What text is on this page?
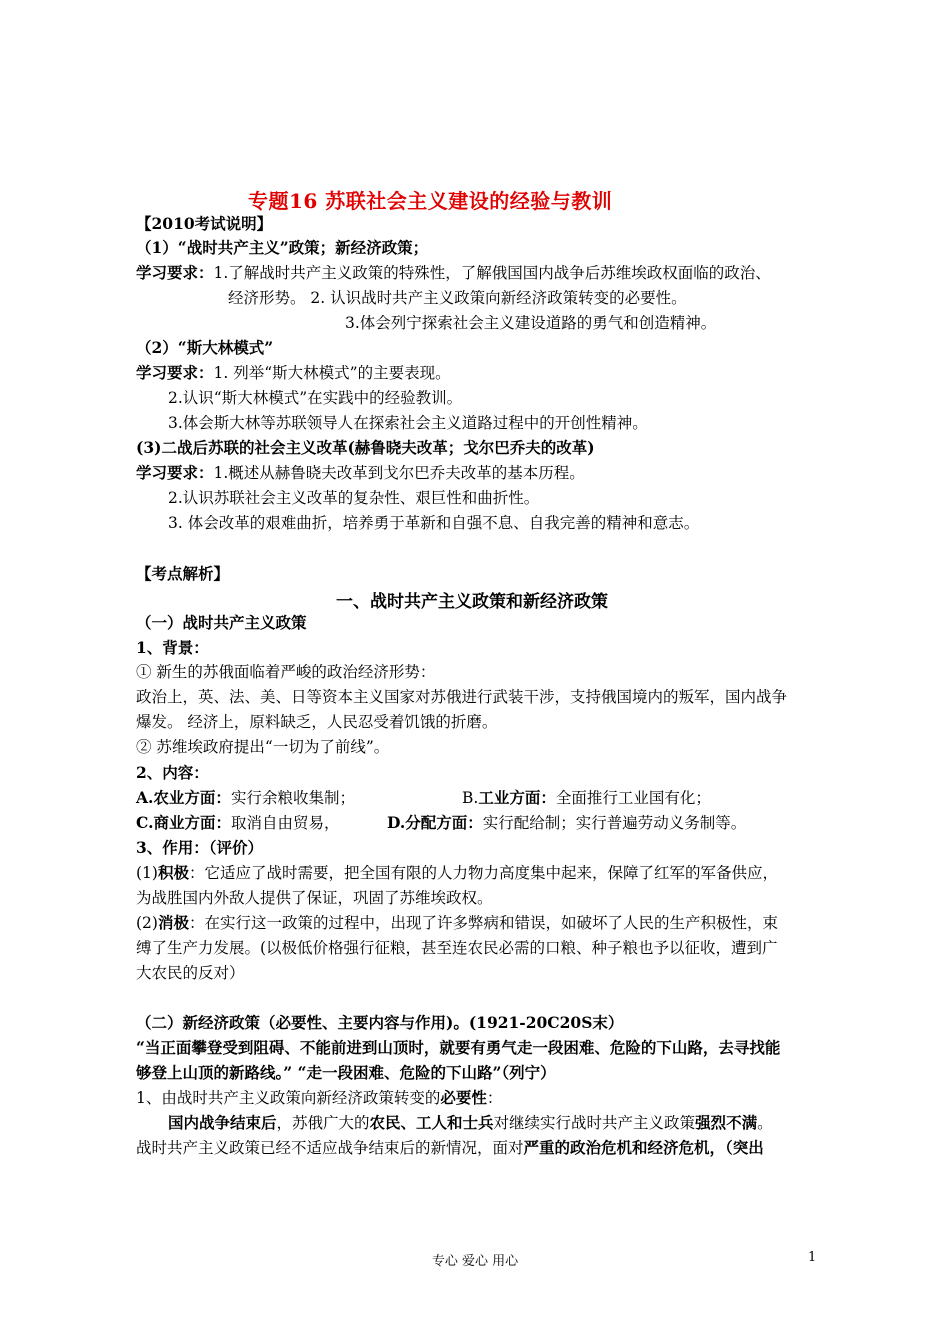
专题16 苏联社会主义建设的经验与教训
【2010考试说明】
（1）“战时共产主义”政策；新经济政策；
学习要求：1.了解战时共产主义政策的特殊性，了解俄国国内战争后苏维埃政权面临的政治、
经济形势。 2. 认识战时共产主义政策向新经济政策转变的必要性。
3.体会列宁探索社会主义建设道路的勇气和创造精神。
（2）“斯大林模式”
学习要求：1. 列举“斯大林模式”的主要表现。
2.认识“斯大林模式”在实践中的经验教训。
3.体会斯大林等苏联领导人在探索社会主义道路过程中的开创性精神。
(3)二战后苏联的社会主义改革(赫鲁晓夫改革；戈尔巴乔夫的改革)
学习要求：1.概述从赫鲁晓夫改革到戈尔巴乔夫改革的基本历程。
2.认识苏联社会主义改革的复杂性、艰巨性和曲折性。
3. 体会改革的艰难曲折，培养勇于革新和自强不息、自我完善的精神和意志。
【考点解析】
一、战时共产主义政策和新经济政策
（一）战时共产主义政策
1、背景：
① 新生的苏俄面临着严峻的政治经济形势：
政治上，英、法、美、日等资本主义国家对苏俄进行武装干涉，支持俄国境内的叛军，国内战争
爆发。 经济上，原料缺乏，人民忍受着饥饿的折磨。
② 苏维埃政府提出“一切为了前线”。
2、内容：
A.农业方面：实行余粮收集制；	B.工业方面：全面推行工业国有化；
C.商业方面：取消自由贸易，	D.分配方面：实行配给制；实行普遍劳动义务制等。
3、作用：（评价）
(1)积极：它适应了战时需要，把全国有限的人力物力高度集中起来，保障了红军的军备供应，
为战胜国内外敌人提供了保证，巩固了苏维埃政权。
(2)消极：在实行这一政策的过程中，出现了许多弊病和错误，如破坏了人民的生产积极性，束
缚了生产力发展。(以极低价格强行征粮，甚至连农民必需的口粮、种子粮也予以征收，遭到广
大农民的反对）
（二）新经济政策（必要性、主要内容与作用)。(1921-20C20S末）
“当正面攀登受到阻碍、不能前进到山顶时，就要有勇气走一段困难、危险的下山路，去寻找能
够登上山顶的新路线。” “走一段困难、危险的下山路”（列宁）
1、由战时共产主义政策向新经济政策转变的必要性：
国内战争结束后，苏俄广大的农民、工人和士兵对继续实行战时共产主义政策强烈不满。
战时共产主义政策已经不适应战争结束后的新情况，面对严重的政治危机和经济危机，（突出
专心 爱心 用心	1
